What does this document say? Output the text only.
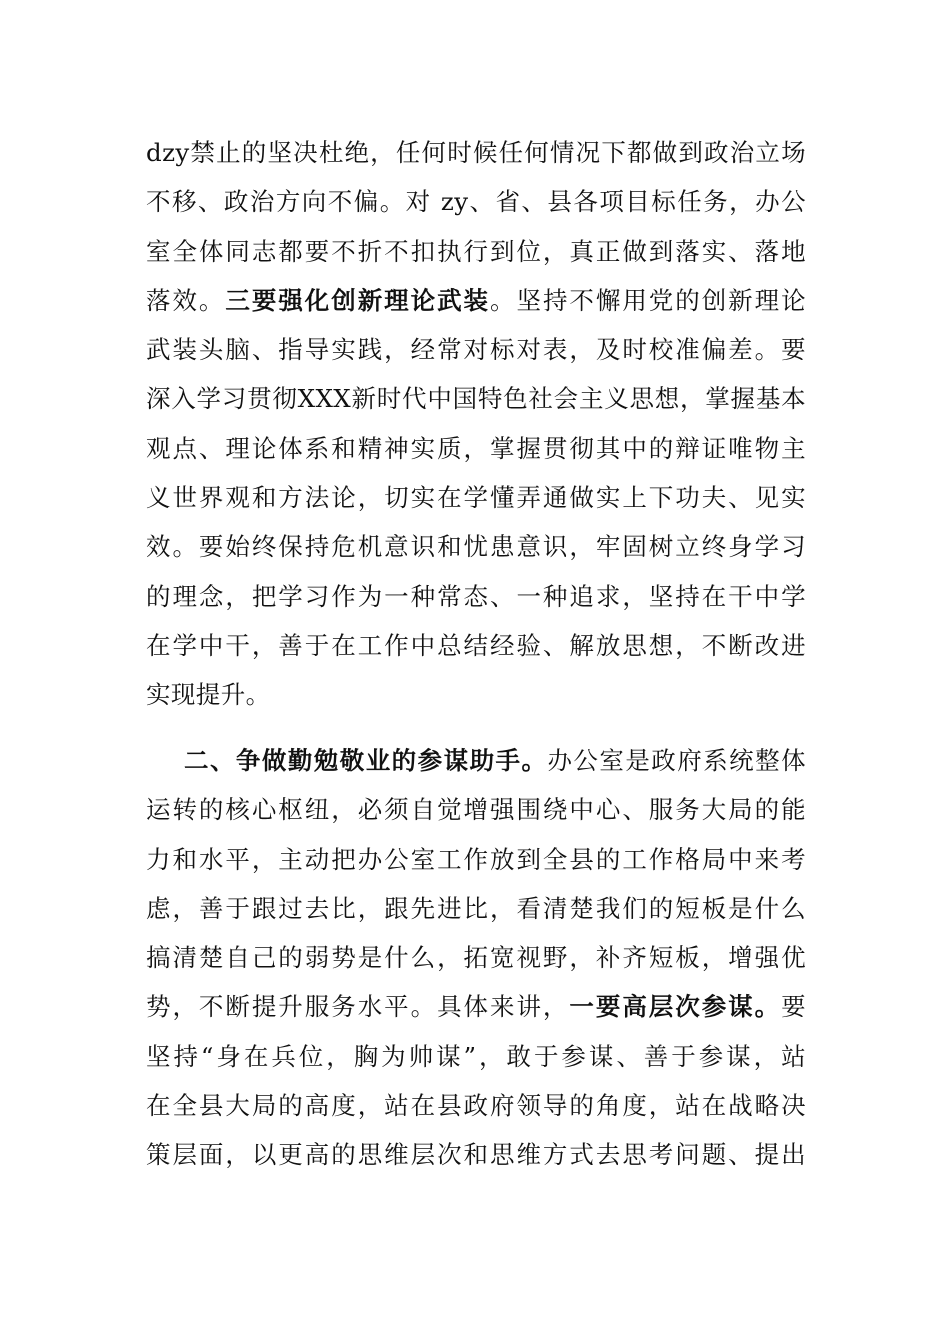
dzy禁止的坚决杜绝，任何时候任何情况下都做到政治立场
不移、政治方向不偏。对 zy、省、县各项目标任务，办公
室全体同志都要不折不扣执行到位，真正做到落实、落地
落效。三要强化创新理论武装。坚持不懈用党的创新理论
武装头脑、指导实践，经常对标对表，及时校准偏差。要
深入学习贯彻XXX新时代中国特色社会主义思想，掌握基本
观点、理论体系和精神实质，掌握贯彻其中的辩证唯物主
义世界观和方法论，切实在学懂弄通做实上下功夫、见实
效。要始终保持危机意识和忧患意识，牢固树立终身学习
的理念，把学习作为一种常态、一种追求，坚持在干中学
在学中干，善于在工作中总结经验、解放思想，不断改进
实现提升。
二、争做勤勉敬业的参谋助手。办公室是政府系统整体
运转的核心枢纽，必须自觉增强围绕中心、服务大局的能
力和水平，主动把办公室工作放到全县的工作格局中来考
虑，善于跟过去比，跟先进比，看清楚我们的短板是什么
搞清楚自己的弱势是什么，拓宽视野，补齐短板，增强优
势，不断提升服务水平。具体来讲，一要高层次参谋。要
坚持“身在兵位，胸为帅谋”，敢于参谋、善于参谋，站
在全县大局的高度，站在县政府领导的角度，站在战略决
策层面，以更高的思维层次和思维方式去思考问题、提出
